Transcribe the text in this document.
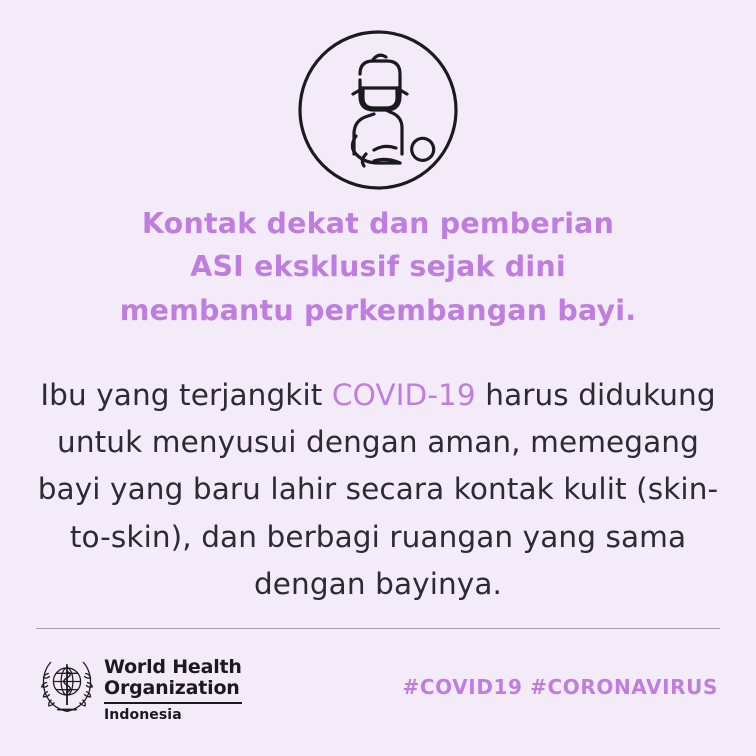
Kontak dekat dan pemberian
ASI eksklusif sejak dini
membantu perkembangan bayi.
Ibu yang terjangkit COVID-19 harus didukung
untuk menyusui dengan aman, memegang
bayi yang baru lahir secara kontak kulit (skin-
to-skin), dan berbagi ruangan yang sama
dengan bayinya.
World Health
Organization
Indonesia
#COVID19 #CORONAVIRUS
